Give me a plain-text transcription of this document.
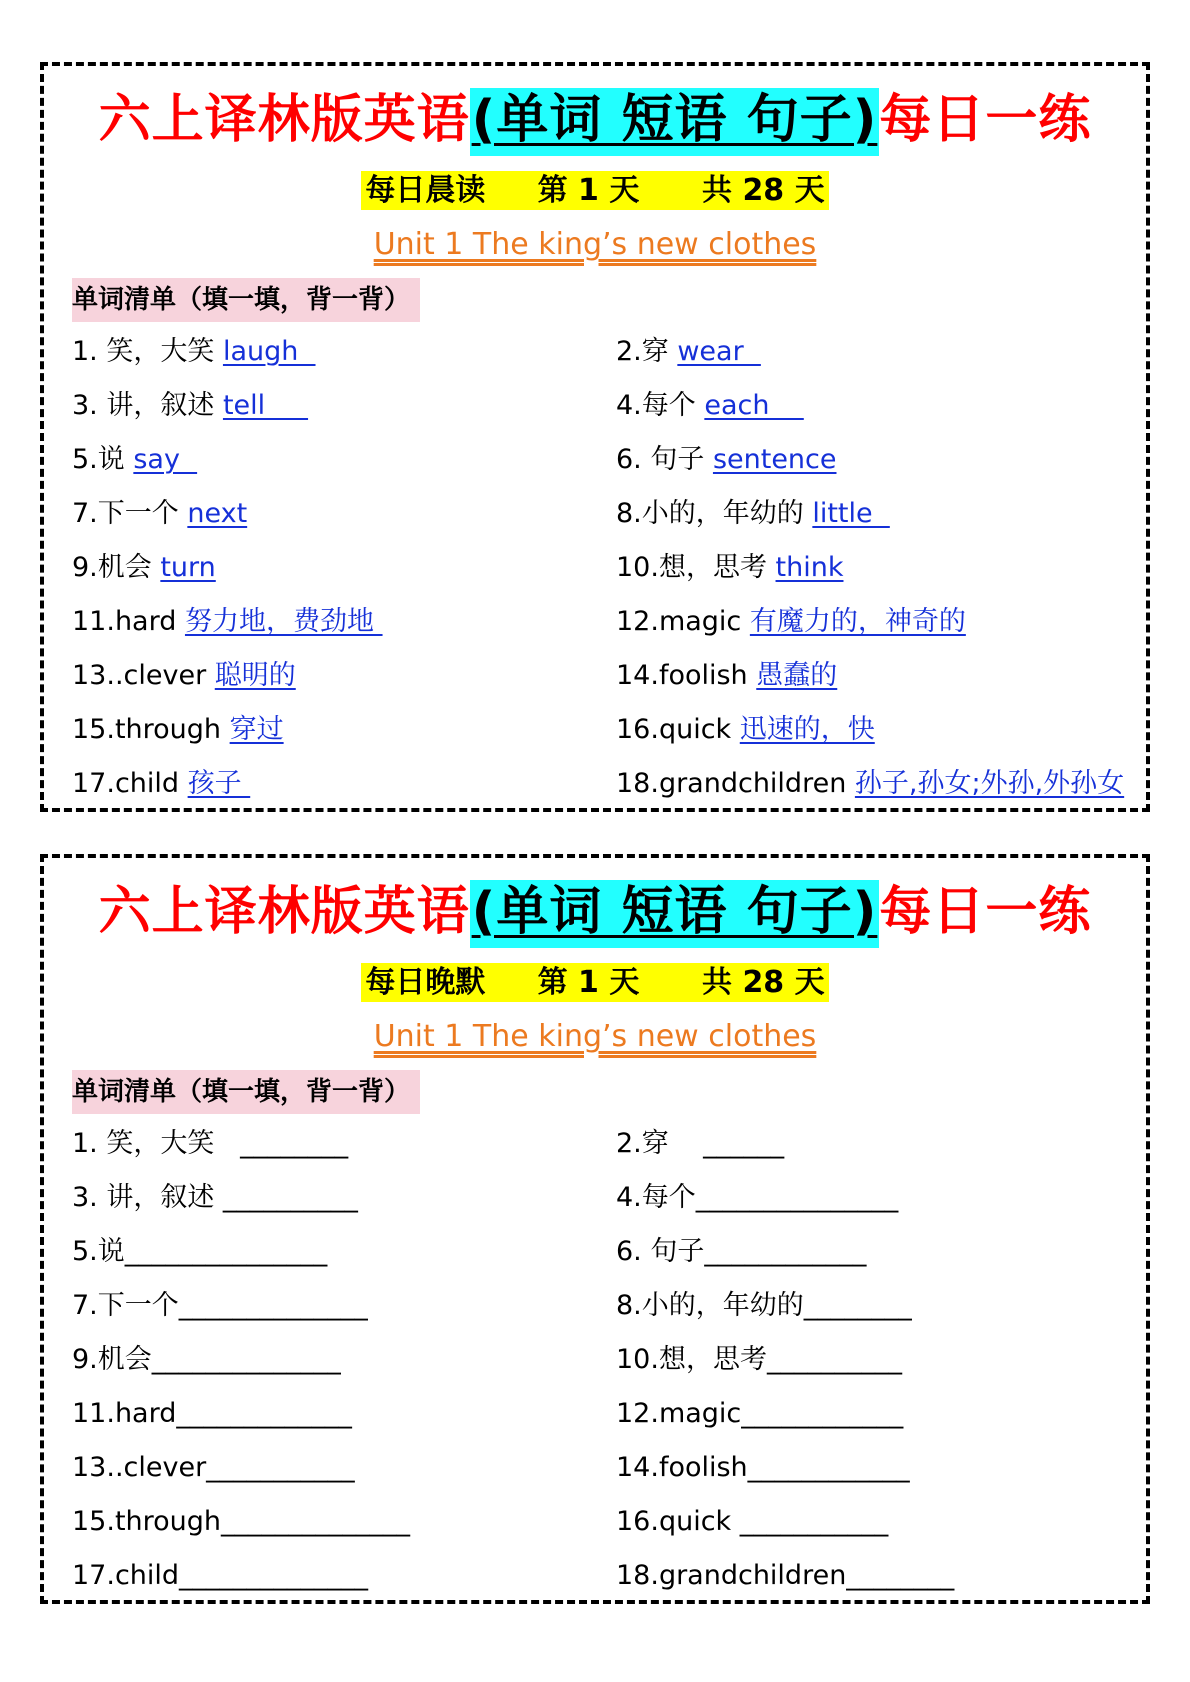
六上译林版英语(单词 短语 句子)每日一练
每日晨读     第 1 天      共 28 天
Unit 1 The king’s new clothes
单词清单（填一填，背一背）
1. 笑，大笑 laugh	2.穿 wear
3. 讲，叙述 tell	4.每个 each
5.说 say	6. 句子 sentence
7.下一个 next	8.小的，年幼的 little
9.机会 turn	10.想，思考 think
11.hard 努力地，费劲地	12.magic 有魔力的，神奇的
13..clever 聪明的	14.foolish 愚蠢的
15.through 穿过	16.quick 迅速的，快
17.child 孩子	18.grandchildren 孙子,孙女;外孙,外孙女
六上译林版英语(单词 短语 句子)每日一练
每日晚默     第 1 天      共 28 天
Unit 1 The king’s new clothes
单词清单（填一填，背一背）
1. 笑，大笑   ________	2.穿    ______
3. 讲，叙述 __________	4.每个_______________
5.说_______________	6. 句子____________
7.下一个______________	8.小的，年幼的________
9.机会______________	10.想，思考__________
11.hard_____________	12.magic____________
13..clever___________	14.foolish____________
15.through______________	16.quick ___________
17.child______________	18.grandchildren________
